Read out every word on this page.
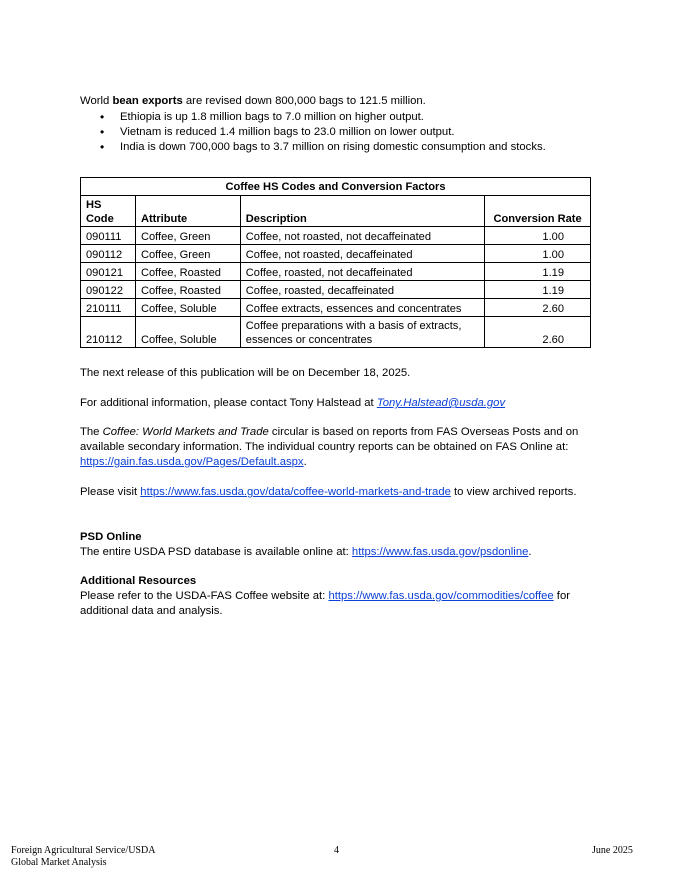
World bean exports are revised down 800,000 bags to 121.5 million.

• Ethiopia is up 1.8 million bags to 7.0 million on higher output.
• Vietnam is reduced 1.4 million bags to 23.0 million on lower output.
• India is down 700,000 bags to 3.7 million on rising domestic consumption and stocks.
Coffee HS Codes and Conversion Factors			
HS Code	Attribute	Description	Conversion Rate
090111	Coffee, Green	Coffee, not roasted, not decaffeinated	1.00
090112	Coffee, Green	Coffee, not roasted, decaffeinated	1.00
090121	Coffee, Roasted	Coffee, roasted, not decaffeinated	1.19
090122	Coffee, Roasted	Coffee, roasted, decaffeinated	1.19
210111	Coffee, Soluble	Coffee extracts, essences and concentrates	2.60
210112	Coffee, Soluble	Coffee preparations with a basis of extracts, essences or concentrates	2.60

The next release of this publication will be on December 18, 2025.

For additional information, please contact Tony Halstead at Tony.Halstead@usda.gov

The Coffee: World Markets and Trade circular is based on reports from FAS Overseas Posts and on available secondary information. The individual country reports can be obtained on FAS Online at: https://gain.fas.usda.gov/Pages/Default.aspx.

Please visit https://www.fas.usda.gov/data/coffee-world-markets-and-trade to view archived reports.

PSD Online

The entire USDA PSD database is available online at: https://www.fas.usda.gov/psdonline.

Additional Resources

Please refer to the USDA-FAS Coffee website at: https://www.fas.usda.gov/commodities/coffee for additional data and analysis.

Foreign Agricultural Service/USDA
Global Market Analysis
4	June 2025
